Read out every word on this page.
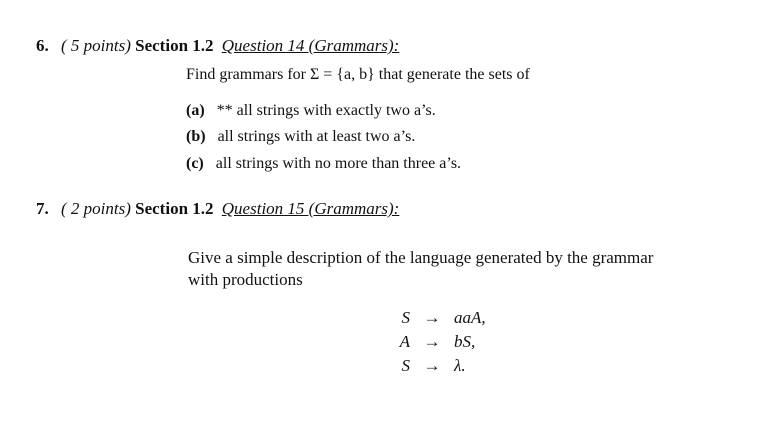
6. ( 5 points) Section 1.2 Question 14 (Grammars):
Find grammars for Σ = {a, b} that generate the sets of
(a) ** all strings with exactly two a’s.
(b) all strings with at least two a’s.
(c) all strings with no more than three a’s.
7. ( 2 points) Section 1.2 Question 15 (Grammars):
Give a simple description of the language generated by the grammar
with productions
S	→	aaA,
A	→	bS,
S	→	λ.
